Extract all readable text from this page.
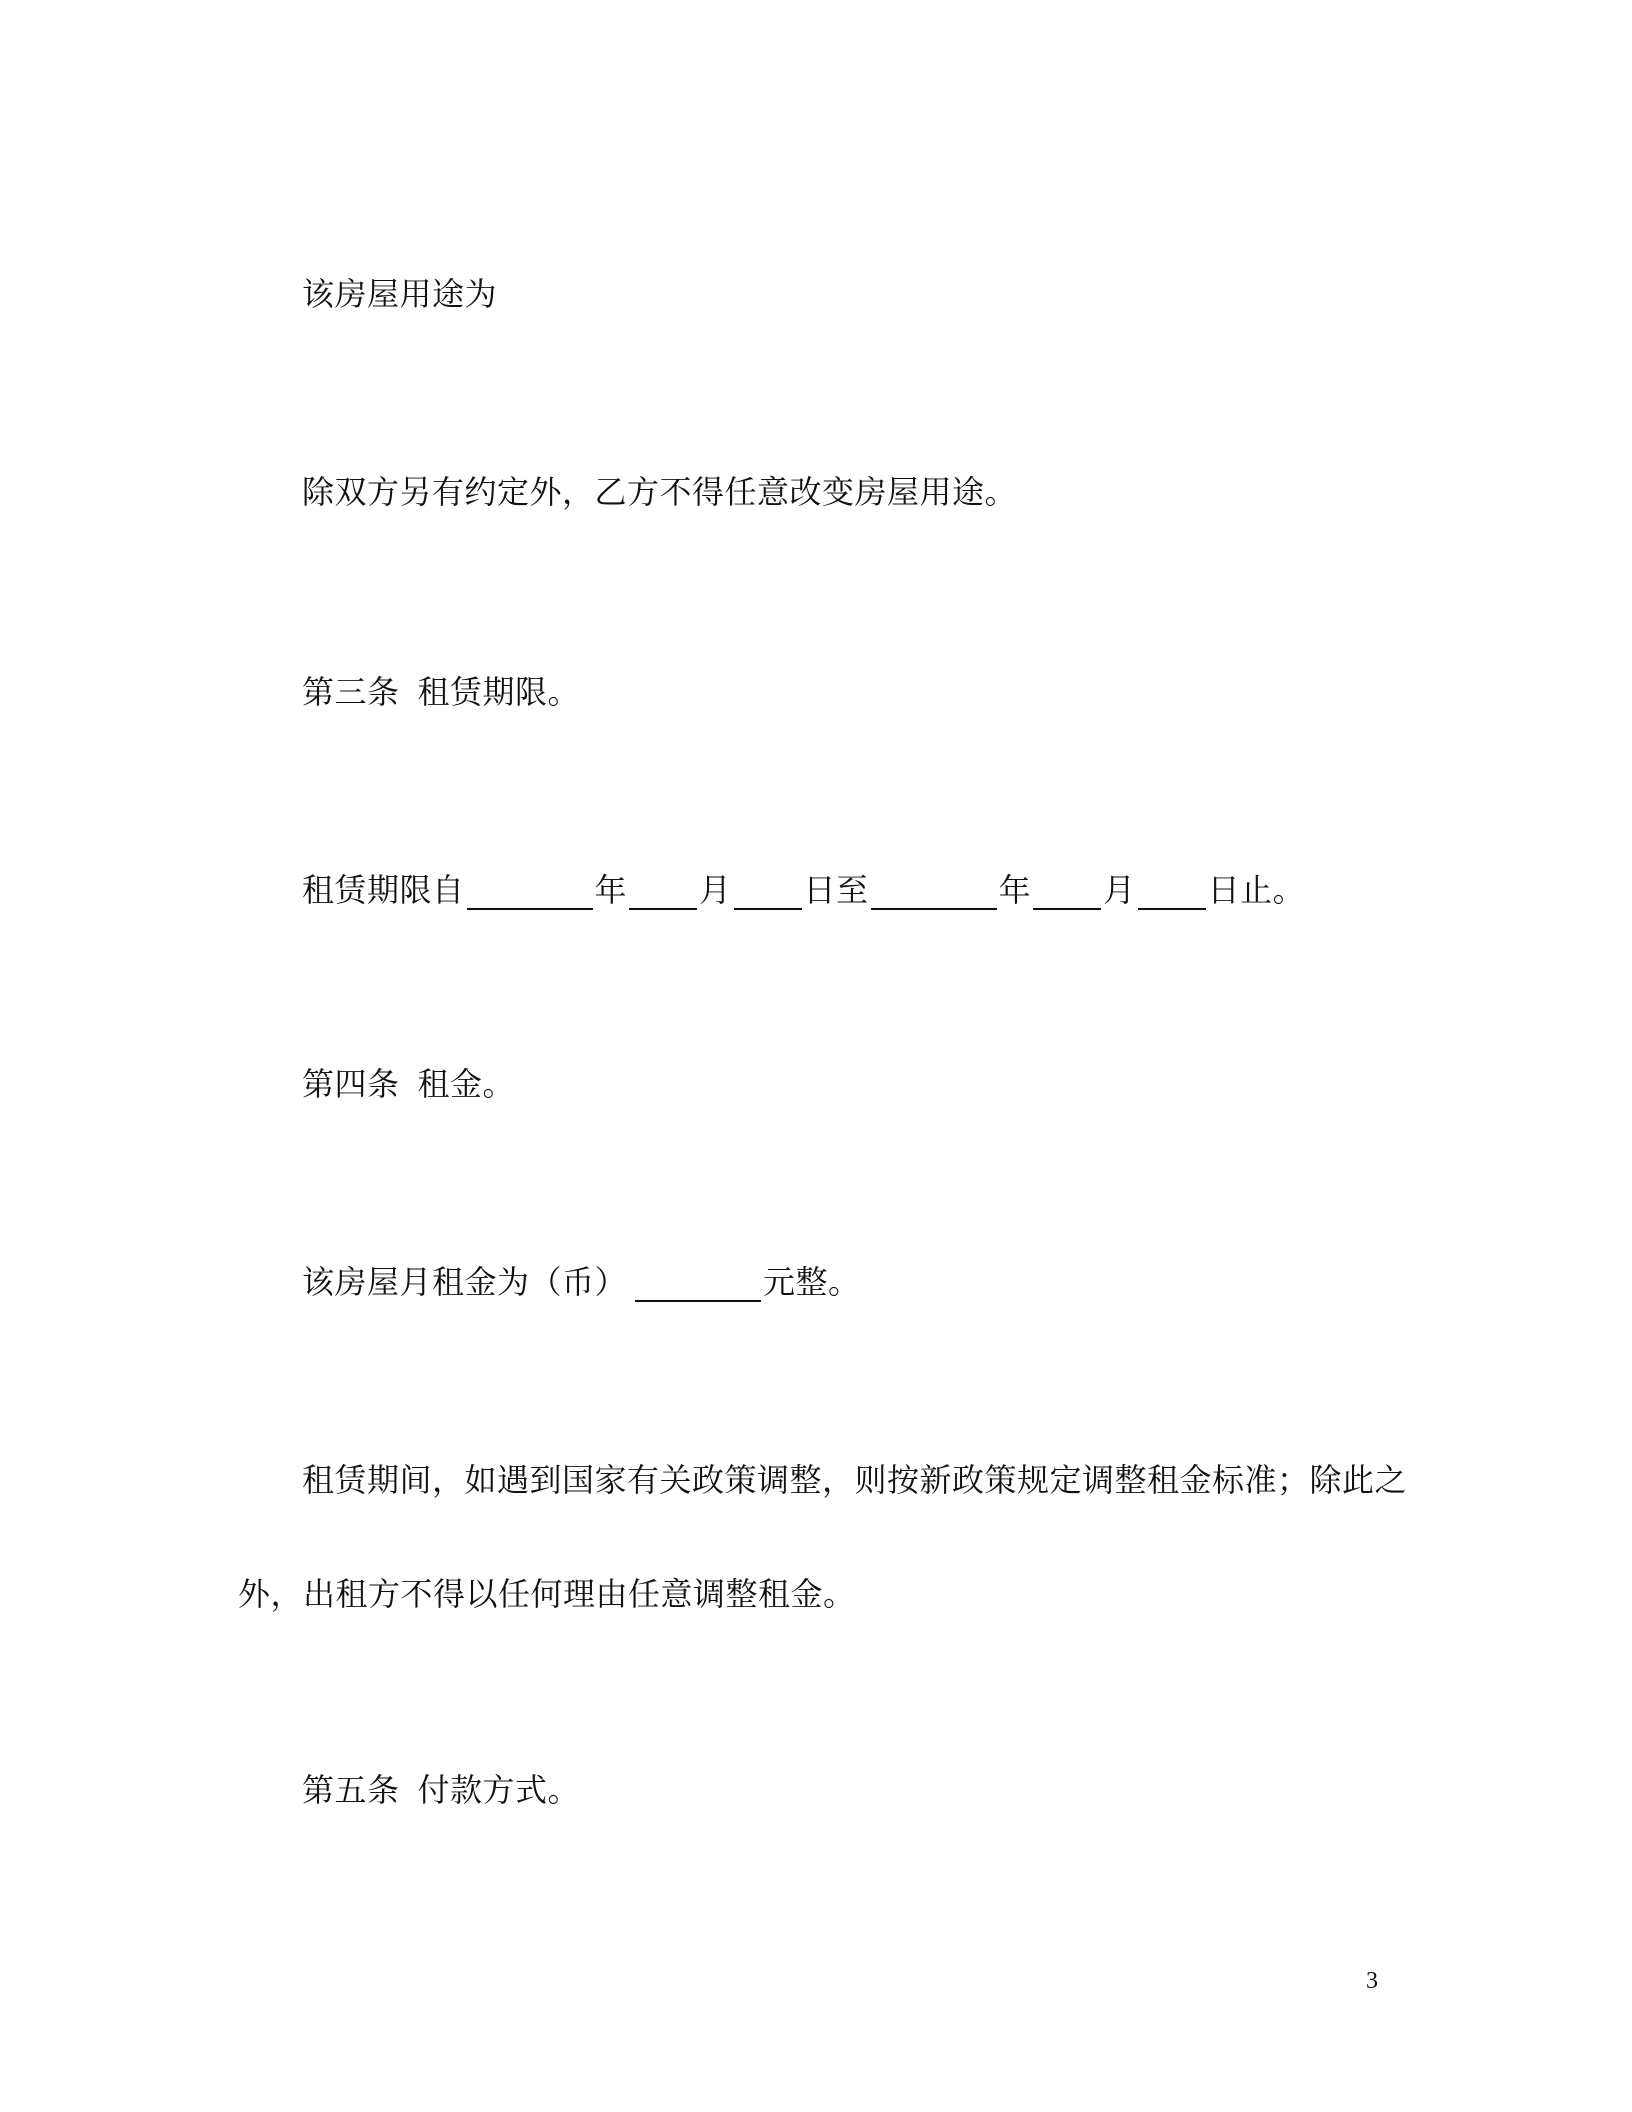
该房屋用途为
除双方另有约定外，乙方不得任意改变房屋用途。
第三条 租赁期限。
租赁期限自	年 月 日至	年 月 日止。
第四条 租金。
该房屋月租金为（币）	元整。
租赁期间，如遇到国家有关政策调整，则按新政策规定调整租金标准；除此之
外，出租方不得以任何理由任意调整租金。
第五条 付款方式。
3
